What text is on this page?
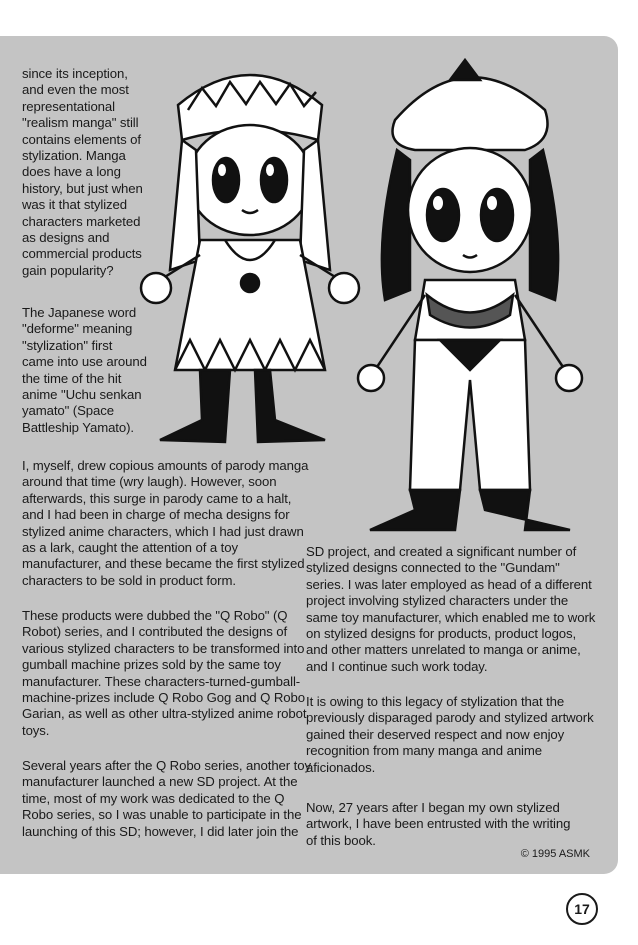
since its inception,

and even the most

representational

"realism manga" still

contains elements of

stylization. Manga

does have a long

history, but just when

was it that stylized

characters marketed

as designs and

commercial products

gain popularity?

The Japanese word

"deforme" meaning

"stylization" first

came into use around

the time of the hit

anime "Uchu senkan

yamato" (Space

Battleship Yamato).

I, myself, drew copious amounts of parody manga

around that time (wry laugh). However, soon

afterwards, this surge in parody came to a halt,

and I had been in charge of mecha designs for

stylized anime characters, which I had just drawn

as a lark, caught the attention of a toy

manufacturer, and these became the first stylized

characters to be sold in product form.

These products were dubbed the "Q Robo" (Q

Robot) series, and I contributed the designs of

various stylized characters to be transformed into

gumball machine prizes sold by the same toy

manufacturer. These characters-turned-gumball-

machine-prizes include Q Robo Gog and Q Robo

Garian, as well as other ultra-stylized anime robot

toys.

Several years after the Q Robo series, another toy

manufacturer launched a new SD project. At the

time, most of my work was dedicated to the Q

Robo series, so I was unable to participate in the

launching of this SD; however, I did later join the

SD project, and created a significant number of

stylized designs connected to the "Gundam"

series. I was later employed as head of a different

project involving stylized characters under the

same toy manufacturer, which enabled me to work

on stylized designs for products, product logos,

and other matters unrelated to manga or anime,

and I continue such work today.

It is owing to this legacy of stylization that the

previously disparaged parody and stylized artwork

gained their deserved respect and now enjoy

recognition from many manga and anime

aficionados.

Now, 27 years after I began my own stylized

artwork, I have been entrusted with the writing

of this book.

© 1995 ASMK
17
